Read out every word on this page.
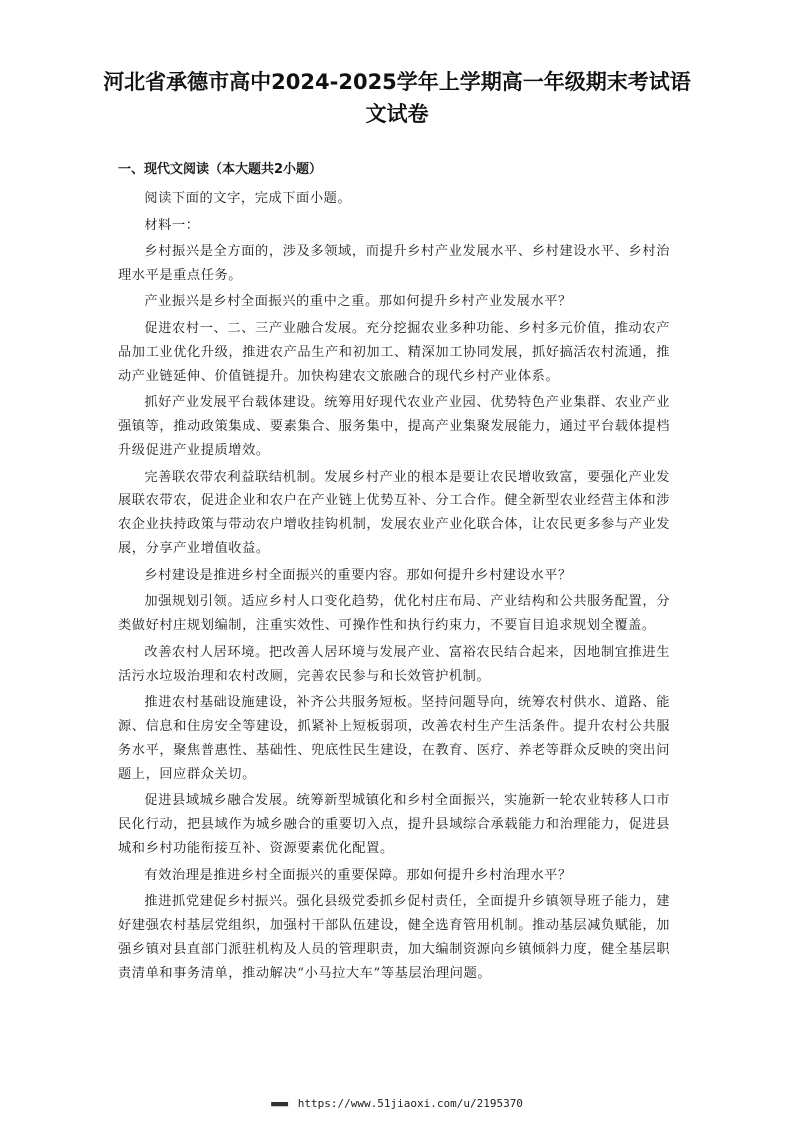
河北省承德市高中2024-2025学年上学期高一年级期末考试语文试卷
一、现代文阅读（本大题共2小题）

阅读下面的文字，完成下面小题。

材料一：

乡村振兴是全方面的，涉及多领域，而提升乡村产业发展水平、乡村建设水平、乡村治理水平是重点任务。

产业振兴是乡村全面振兴的重中之重。那如何提升乡村产业发展水平？

促进农村一、二、三产业融合发展。充分挖掘农业多种功能、乡村多元价值，推动农产品加工业优化升级，推进农产品生产和初加工、精深加工协同发展，抓好搞活农村流通，推动产业链延伸、价值链提升。加快构建农文旅融合的现代乡村产业体系。

抓好产业发展平台载体建设。统筹用好现代农业产业园、优势特色产业集群、农业产业强镇等，推动政策集成、要素集合、服务集中，提高产业集聚发展能力，通过平台载体提档升级促进产业提质增效。

完善联农带农利益联结机制。发展乡村产业的根本是要让农民增收致富，要强化产业发展联农带农，促进企业和农户在产业链上优势互补、分工合作。健全新型农业经营主体和涉农企业扶持政策与带动农户增收挂钩机制，发展农业产业化联合体，让农民更多参与产业发展，分享产业增值收益。

乡村建设是推进乡村全面振兴的重要内容。那如何提升乡村建设水平？

加强规划引领。适应乡村人口变化趋势，优化村庄布局、产业结构和公共服务配置，分类做好村庄规划编制，注重实效性、可操作性和执行约束力，不要盲目追求规划全覆盖。

改善农村人居环境。把改善人居环境与发展产业、富裕农民结合起来，因地制宜推进生活污水垃圾治理和农村改厕，完善农民参与和长效管护机制。

推进农村基础设施建设，补齐公共服务短板。坚持问题导向，统筹农村供水、道路、能源、信息和住房安全等建设，抓紧补上短板弱项，改善农村生产生活条件。提升农村公共服务水平，聚焦普惠性、基础性、兜底性民生建设，在教育、医疗、养老等群众反映的突出问题上，回应群众关切。

促进县域城乡融合发展。统筹新型城镇化和乡村全面振兴，实施新一轮农业转移人口市民化行动，把县域作为城乡融合的重要切入点，提升县域综合承载能力和治理能力，促进县城和乡村功能衔接互补、资源要素优化配置。

有效治理是推进乡村全面振兴的重要保障。那如何提升乡村治理水平？

推进抓党建促乡村振兴。强化县级党委抓乡促村责任，全面提升乡镇领导班子能力，建好建强农村基层党组织，加强村干部队伍建设，健全选育管用机制。推动基层减负赋能，加强乡镇对县直部门派驻机构及人员的管理职责，加大编制资源向乡镇倾斜力度，健全基层职责清单和事务清单，推动解决“小马拉大车”等基层治理问题。

■■■■■ https://www.51jiaoxi.com/u/2195370
